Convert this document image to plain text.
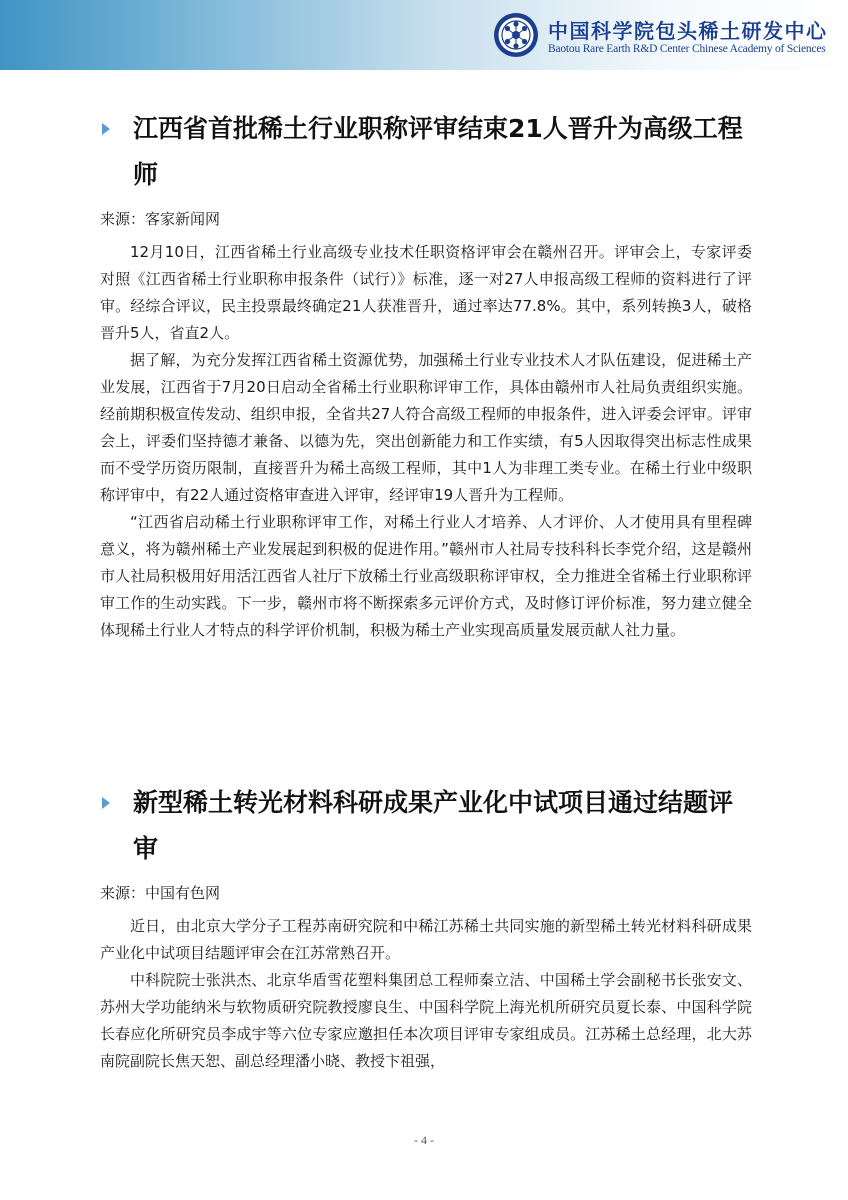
中国科学院包头稀土研发中心
Baotou Rare Earth R&D Center Chinese Academy of Sciences
江西省首批稀土行业职称评审结束21人晋升为高级工程师
来源：客家新闻网

12月10日，江西省稀土行业高级专业技术任职资格评审会在赣州召开。评审会上，专家评委对照《江西省稀土行业职称申报条件（试行）》标准，逐一对27人申报高级工程师的资料进行了评审。经综合评议，民主投票最终确定21人获准晋升，通过率达77.8%。其中，系列转换3人，破格晋升5人，省直2人。

据了解，为充分发挥江西省稀土资源优势，加强稀土行业专业技术人才队伍建设，促进稀土产业发展，江西省于7月20日启动全省稀土行业职称评审工作，具体由赣州市人社局负责组织实施。经前期积极宣传发动、组织申报，全省共27人符合高级工程师的申报条件，进入评委会评审。评审会上，评委们坚持德才兼备、以德为先，突出创新能力和工作实绩，有5人因取得突出标志性成果而不受学历资历限制，直接晋升为稀土高级工程师，其中1人为非理工类专业。在稀土行业中级职称评审中，有22人通过资格审查进入评审，经评审19人晋升为工程师。

“江西省启动稀土行业职称评审工作，对稀土行业人才培养、人才评价、人才使用具有里程碑意义，将为赣州稀土产业发展起到积极的促进作用。”赣州市人社局专技科科长李党介绍，这是赣州市人社局积极用好用活江西省人社厅下放稀土行业高级职称评审权，全力推进全省稀土行业职称评审工作的生动实践。下一步，赣州市将不断探索多元评价方式，及时修订评价标准，努力建立健全体现稀土行业人才特点的科学评价机制，积极为稀土产业实现高质量发展贡献人社力量。

新型稀土转光材料科研成果产业化中试项目通过结题评审
来源：中国有色网

近日，由北京大学分子工程苏南研究院和中稀江苏稀土共同实施的新型稀土转光材料科研成果产业化中试项目结题评审会在江苏常熟召开。

中科院院士张洪杰、北京华盾雪花塑料集团总工程师秦立洁、中国稀土学会副秘书长张安文、苏州大学功能纳米与软物质研究院教授廖良生、中国科学院上海光机所研究员夏长泰、中国科学院长春应化所研究员李成宇等六位专家应邀担任本次项目评审专家组成员。江苏稀土总经理，北大苏南院副院长焦天恕、副总经理潘小晓、教授卞祖强，

- 4 -
